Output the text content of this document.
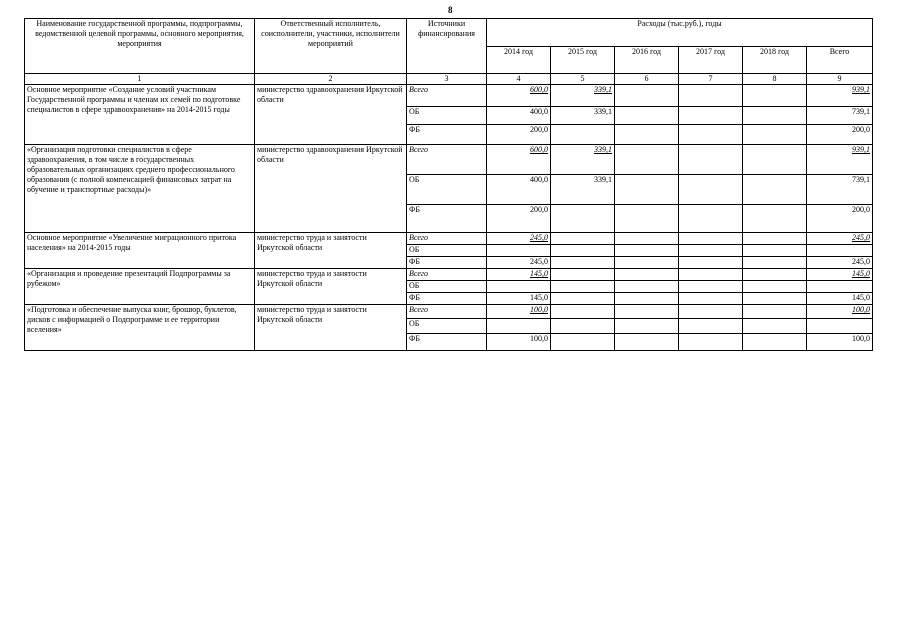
8
Наименование государственной программы, подпрограммы, ведомственной целевой программы, основного мероприятия, мероприятия	Ответственный исполнитель, соисполнители, участники, исполнители мероприятий	Источники финансирования	Расходы (тыс.руб.), годы					
			2014 год	2015 год	2016 год	2017 год	2018 год	Всего
1	2	3	4	5	6	7	8	9
Основное мероприятие «Создание условий участникам Государственной программы и членам их семей по подготовке специалистов в сфере здравоохранения» на 2014-2015 годы	министерство здравоохранения Иркутской области	Всего	600,0	339,1				939,1
		ОБ	400,0	339,1				739,1
		ФБ	200,0					200,0
«Организация подготовки специалистов в сфере здравоохранения, в том числе в государственных образовательных организациях среднего профессионального образования (с полной компенсацией финансовых затрат на обучение и транспортные расходы)»	министерство здравоохранения Иркутской области	Всего	600,0	339,1				939,1
		ОБ	400,0	339,1				739,1
		ФБ	200,0					200,0
Основное мероприятие «Увеличение миграционного притока населения» на 2014-2015 годы	министерство труда и занятости Иркутской области	Всего	245,0					245,0
		ОБ						
		ФБ	245,0					245,0
«Организация и проведение презентаций Подпрограммы за рубежом»	министерство труда и занятости Иркутской области	Всего	145,0					145,0
		ОБ						
		ФБ	145,0					145,0
«Подготовка и обеспечение выпуска книг, брошюр, буклетов, дисков с информацией о Подпрограмме и ее территории вселения»	министерство труда и занятости Иркутской области	Всего	100,0					100,0
		ОБ						
		ФБ	100,0					100,0
